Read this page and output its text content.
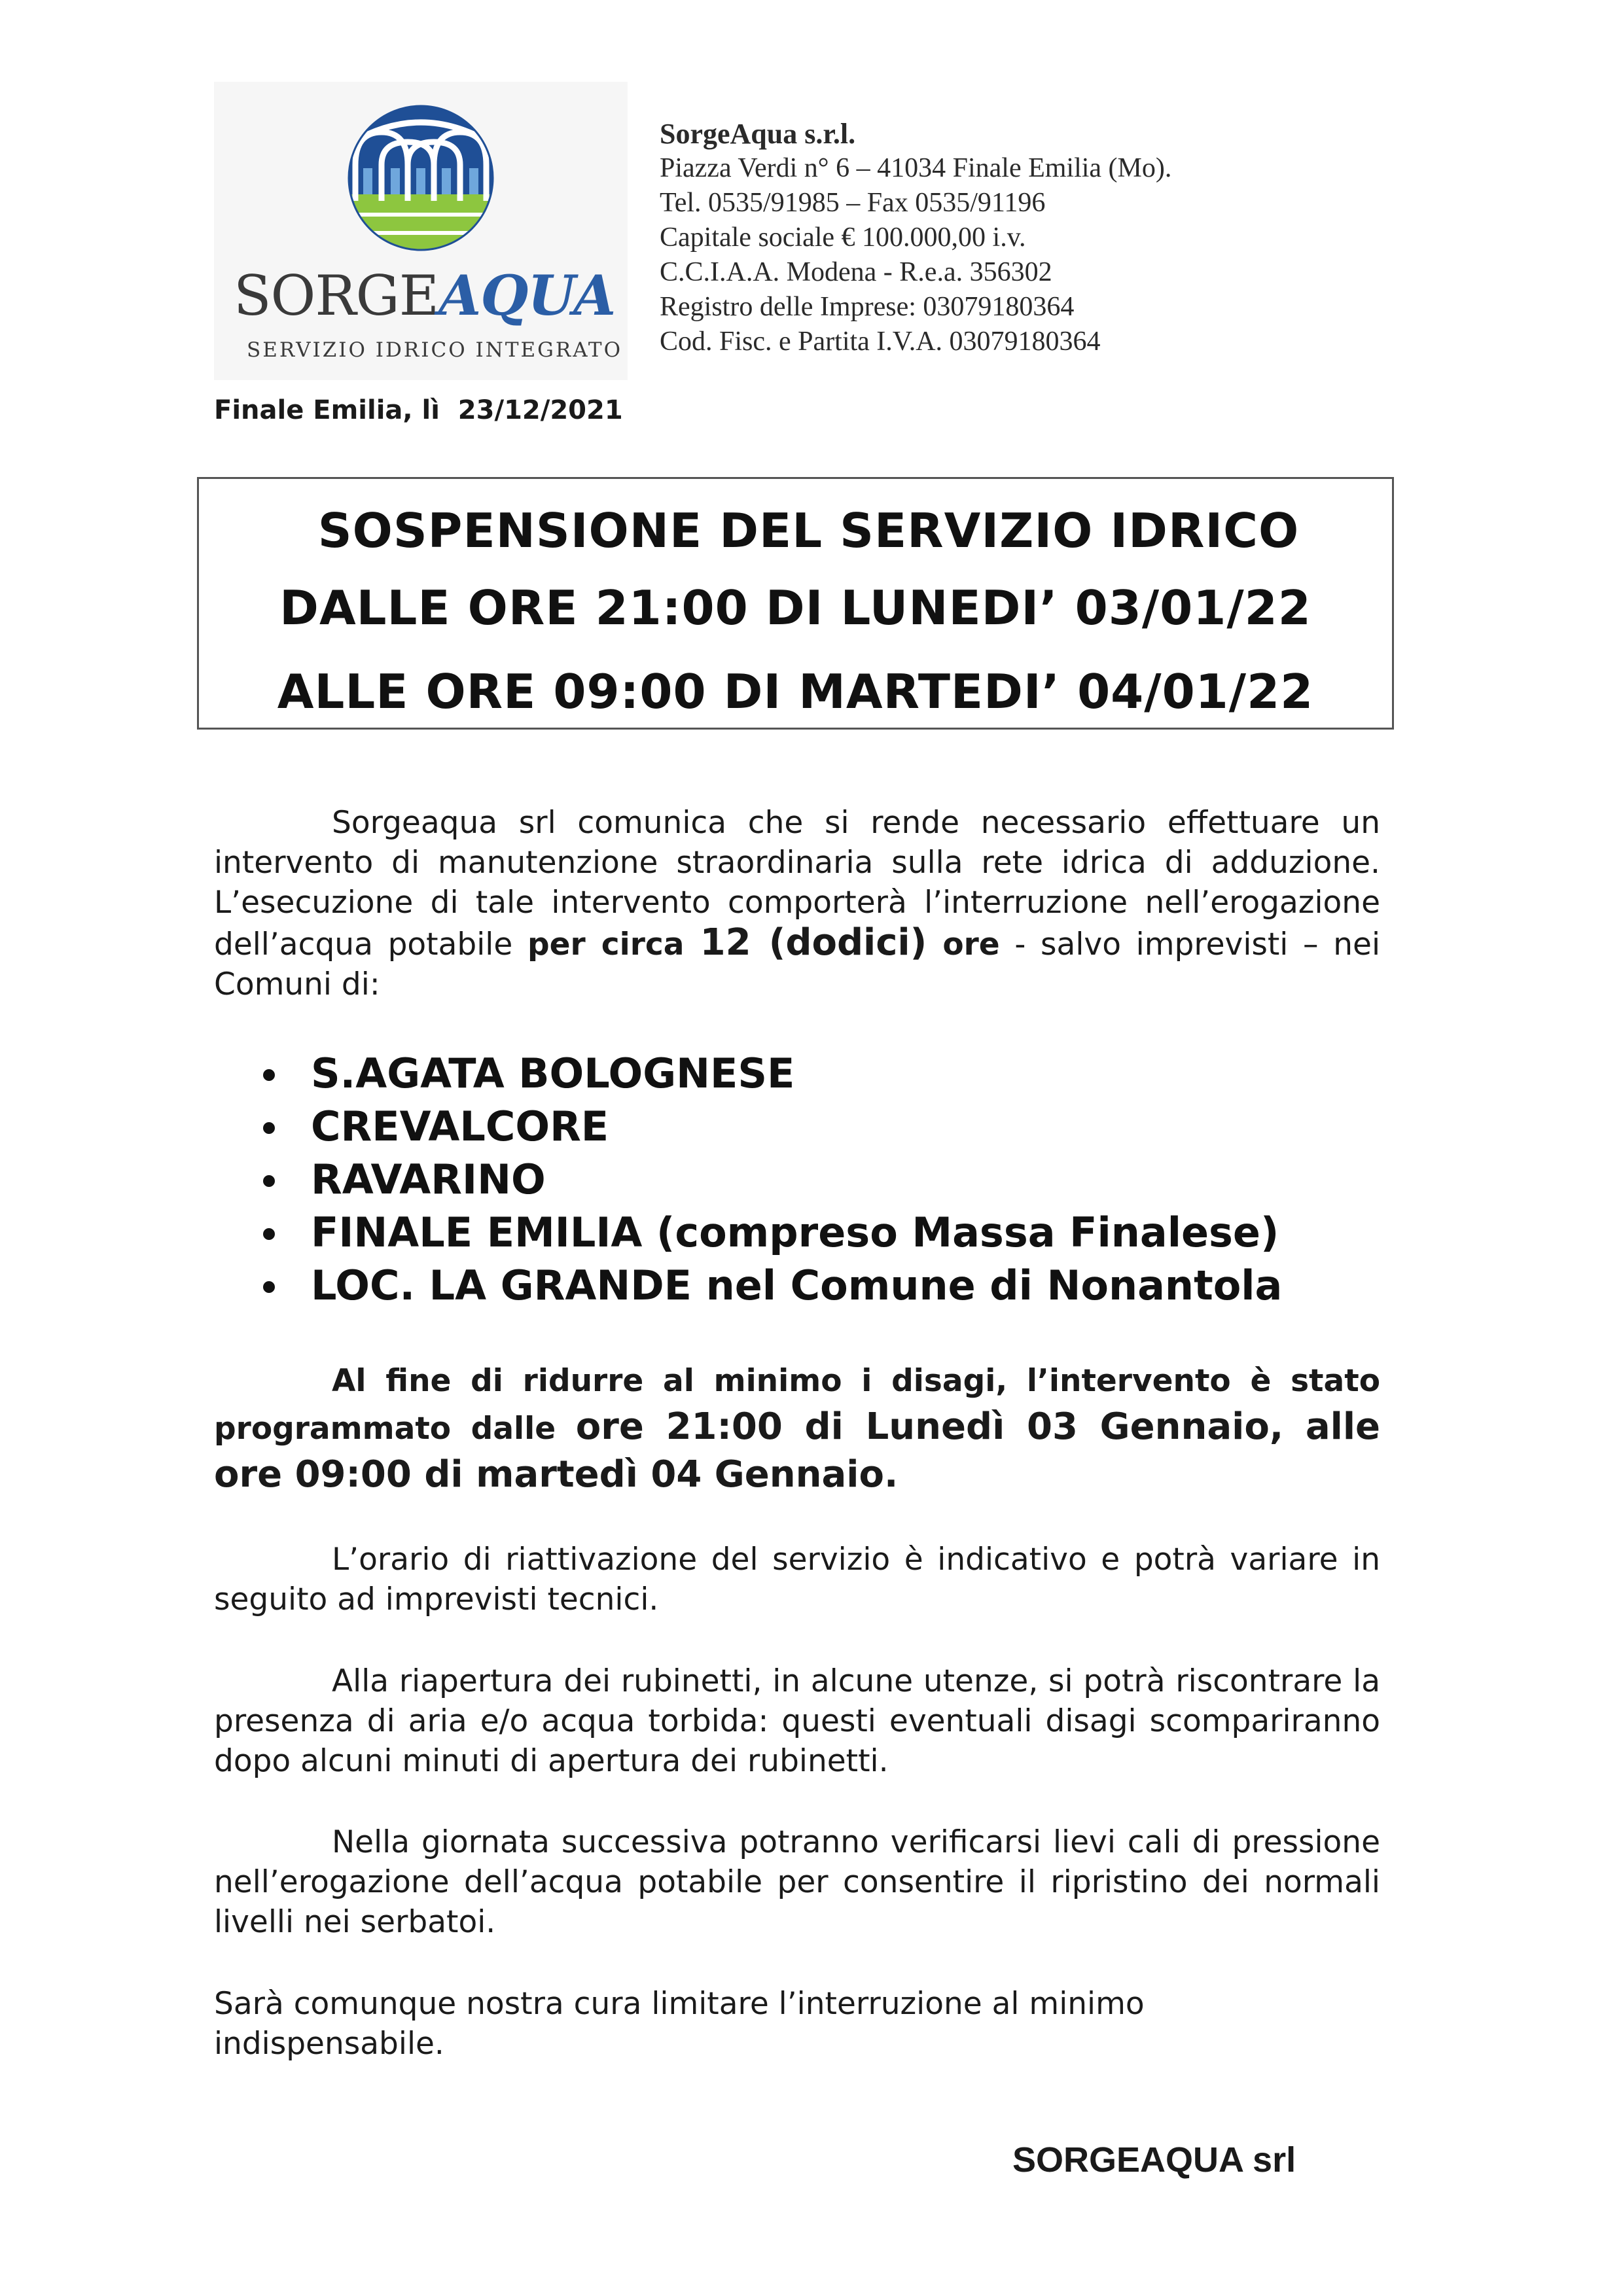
SORGEAQUA
SERVIZIO IDRICO INTEGRATO
SorgeAqua s.r.l.
Piazza Verdi n° 6 – 41034 Finale Emilia (Mo).
Tel. 0535/91985 – Fax 0535/91196
Capitale sociale € 100.000,00 i.v.
C.C.I.A.A. Modena - R.e.a. 356302
Registro delle Imprese: 03079180364
Cod. Fisc. e Partita I.V.A. 03079180364
Finale Emilia, lì  23/12/2021
SOSPENSIONE DEL SERVIZIO IDRICO
DALLE ORE 21:00 DI LUNEDI’ 03/01/22
ALLE ORE 09:00 DI MARTEDI’ 04/01/22
Sorgeaqua srl comunica che si rende necessario effettuare un intervento di manutenzione straordinaria sulla rete idrica di adduzione. L’esecuzione di tale intervento comporterà l’interruzione nell’erogazione dell’acqua potabile per circa 12 (dodici) ore - salvo imprevisti – nei Comuni di:
S.AGATA BOLOGNESE
CREVALCORE
RAVARINO
FINALE EMILIA (compreso Massa Finalese)
LOC. LA GRANDE nel Comune di Nonantola
Al fine di ridurre al minimo i disagi, l’intervento è stato programmato dalle ore 21:00 di Lunedì 03 Gennaio, alle ore 09:00 di martedì 04 Gennaio.
L’orario di riattivazione del servizio è indicativo e potrà variare in seguito ad imprevisti tecnici.
Alla riapertura dei rubinetti, in alcune utenze, si potrà riscontrare la presenza di aria e/o acqua torbida: questi eventuali disagi scompariranno dopo alcuni minuti di apertura dei rubinetti.
Nella giornata successiva potranno verificarsi lievi cali di pressione nell’erogazione dell’acqua potabile per consentire il ripristino dei normali livelli nei serbatoi.
Sarà comunque nostra cura limitare l’interruzione al minimo indispensabile.
SORGEAQUA srl
